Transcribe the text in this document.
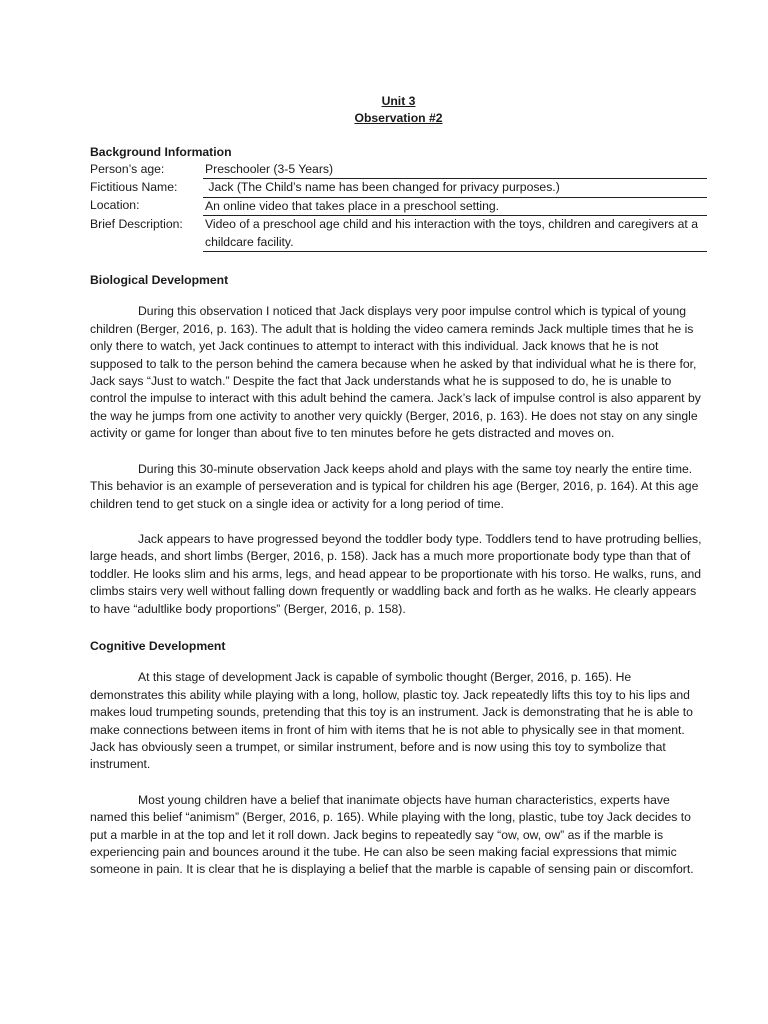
Unit 3
Observation #2
Background Information
Person’s age:	Preschooler (3-5 Years)
Fictitious Name:	Jack (The Child’s name has been changed for privacy purposes.)
Location:	An online video that takes place in a preschool setting.
Brief Description:	Video of a preschool age child and his interaction with the toys, children and caregivers at a childcare facility.
Biological Development

During this observation I noticed that Jack displays very poor impulse control which is typical of young children (Berger, 2016, p. 163). The adult that is holding the video camera reminds Jack multiple times that he is only there to watch, yet Jack continues to attempt to interact with this individual. Jack knows that he is not supposed to talk to the person behind the camera because when he asked by that individual what he is there for, Jack says “Just to watch.” Despite the fact that Jack understands what he is supposed to do, he is unable to control the impulse to interact with this adult behind the camera. Jack’s lack of impulse control is also apparent by the way he jumps from one activity to another very quickly (Berger, 2016, p. 163). He does not stay on any single activity or game for longer than about five to ten minutes before he gets distracted and moves on.

During this 30-minute observation Jack keeps ahold and plays with the same toy nearly the entire time. This behavior is an example of perseveration and is typical for children his age (Berger, 2016, p. 164). At this age children tend to get stuck on a single idea or activity for a long period of time.

Jack appears to have progressed beyond the toddler body type. Toddlers tend to have protruding bellies, large heads, and short limbs (Berger, 2016, p. 158). Jack has a much more proportionate body type than that of toddler. He looks slim and his arms, legs, and head appear to be proportionate with his torso. He walks, runs, and climbs stairs very well without falling down frequently or waddling back and forth as he walks. He clearly appears to have “adultlike body proportions” (Berger, 2016, p. 158).

Cognitive Development

At this stage of development Jack is capable of symbolic thought (Berger, 2016, p. 165). He demonstrates this ability while playing with a long, hollow, plastic toy. Jack repeatedly lifts this toy to his lips and makes loud trumpeting sounds, pretending that this toy is an instrument. Jack is demonstrating that he is able to make connections between items in front of him with items that he is not able to physically see in that moment. Jack has obviously seen a trumpet, or similar instrument, before and is now using this toy to symbolize that instrument.

Most young children have a belief that inanimate objects have human characteristics, experts have named this belief “animism” (Berger, 2016, p. 165). While playing with the long, plastic, tube toy Jack decides to put a marble in at the top and let it roll down. Jack begins to repeatedly say “ow, ow, ow” as if the marble is experiencing pain and bounces around it the tube. He can also be seen making facial expressions that mimic someone in pain. It is clear that he is displaying a belief that the marble is capable of sensing pain or discomfort.
